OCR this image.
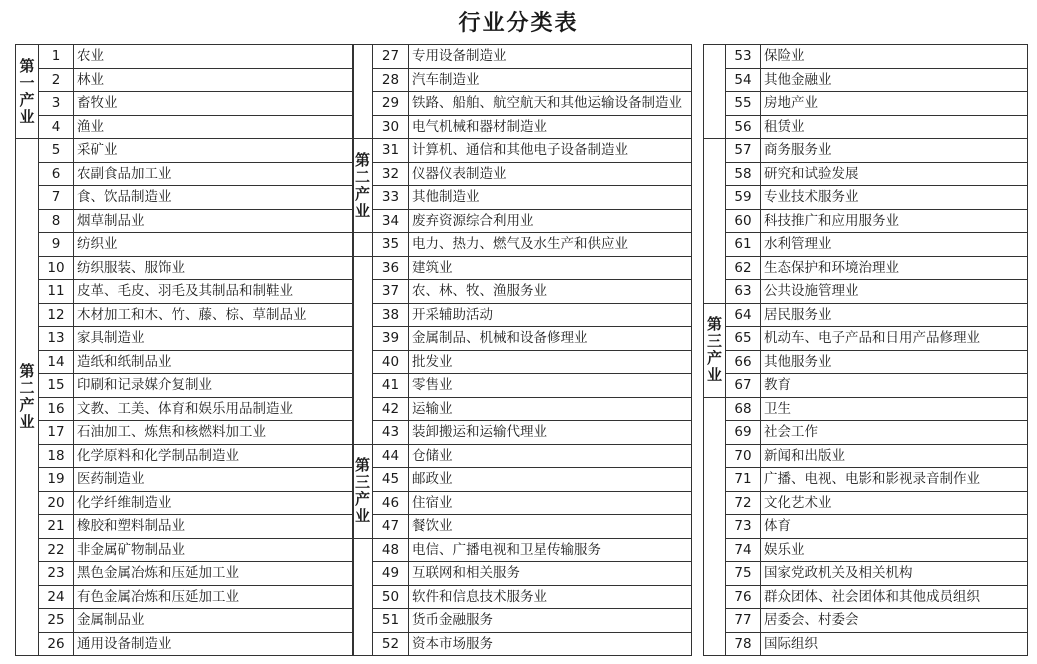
行业分类表
第一产业	1	农业
	2	林业
	3	畜牧业
	4	渔业
第二产业	5	采矿业
	6	农副食品加工业
	7	食、饮品制造业
	8	烟草制品业
	9	纺织业
	10	纺织服装、服饰业
	11	皮革、毛皮、羽毛及其制品和制鞋业
	12	木材加工和木、竹、藤、棕、草制品业
	13	家具制造业
	14	造纸和纸制品业
	15	印刷和记录媒介复制业
	16	文教、工美、体育和娱乐用品制造业
	17	石油加工、炼焦和核燃料加工业
	18	化学原料和化学制品制造业
	19	医药制造业
	20	化学纤维制造业
	21	橡胶和塑料制品业
	22	非金属矿物制品业
	23	黑色金属冶炼和压延加工业
	24	有色金属冶炼和压延加工业
	25	金属制品业
	26	通用设备制造业
	27	专用设备制造业
	28	汽车制造业
	29	铁路、船舶、航空航天和其他运输设备制造业
	30	电气机械和器材制造业
第二产业	31	计算机、通信和其他电子设备制造业
	32	仪器仪表制造业
	33	其他制造业
	34	废弃资源综合利用业
	35	电力、热力、燃气及水生产和供应业
	36	建筑业
	37	农、林、牧、渔服务业
	38	开采辅助活动
	39	金属制品、机械和设备修理业
	40	批发业
	41	零售业
	42	运输业
	43	装卸搬运和运输代理业
第三产业	44	仓储业
	45	邮政业
	46	住宿业
	47	餐饮业
	48	电信、广播电视和卫星传输服务
	49	互联网和相关服务
	50	软件和信息技术服务业
	51	货币金融服务
	52	资本市场服务
	53	保险业
	54	其他金融业
	55	房地产业
	56	租赁业
	57	商务服务业
	58	研究和试验发展
	59	专业技术服务业
	60	科技推广和应用服务业
	61	水利管理业
	62	生态保护和环境治理业
	63	公共设施管理业
第三产业	64	居民服务业
	65	机动车、电子产品和日用产品修理业
	66	其他服务业
	67	教育
	68	卫生
	69	社会工作
	70	新闻和出版业
	71	广播、电视、电影和影视录音制作业
	72	文化艺术业
	73	体育
	74	娱乐业
	75	国家党政机关及相关机构
	76	群众团体、社会团体和其他成员组织
	77	居委会、村委会
	78	国际组织
